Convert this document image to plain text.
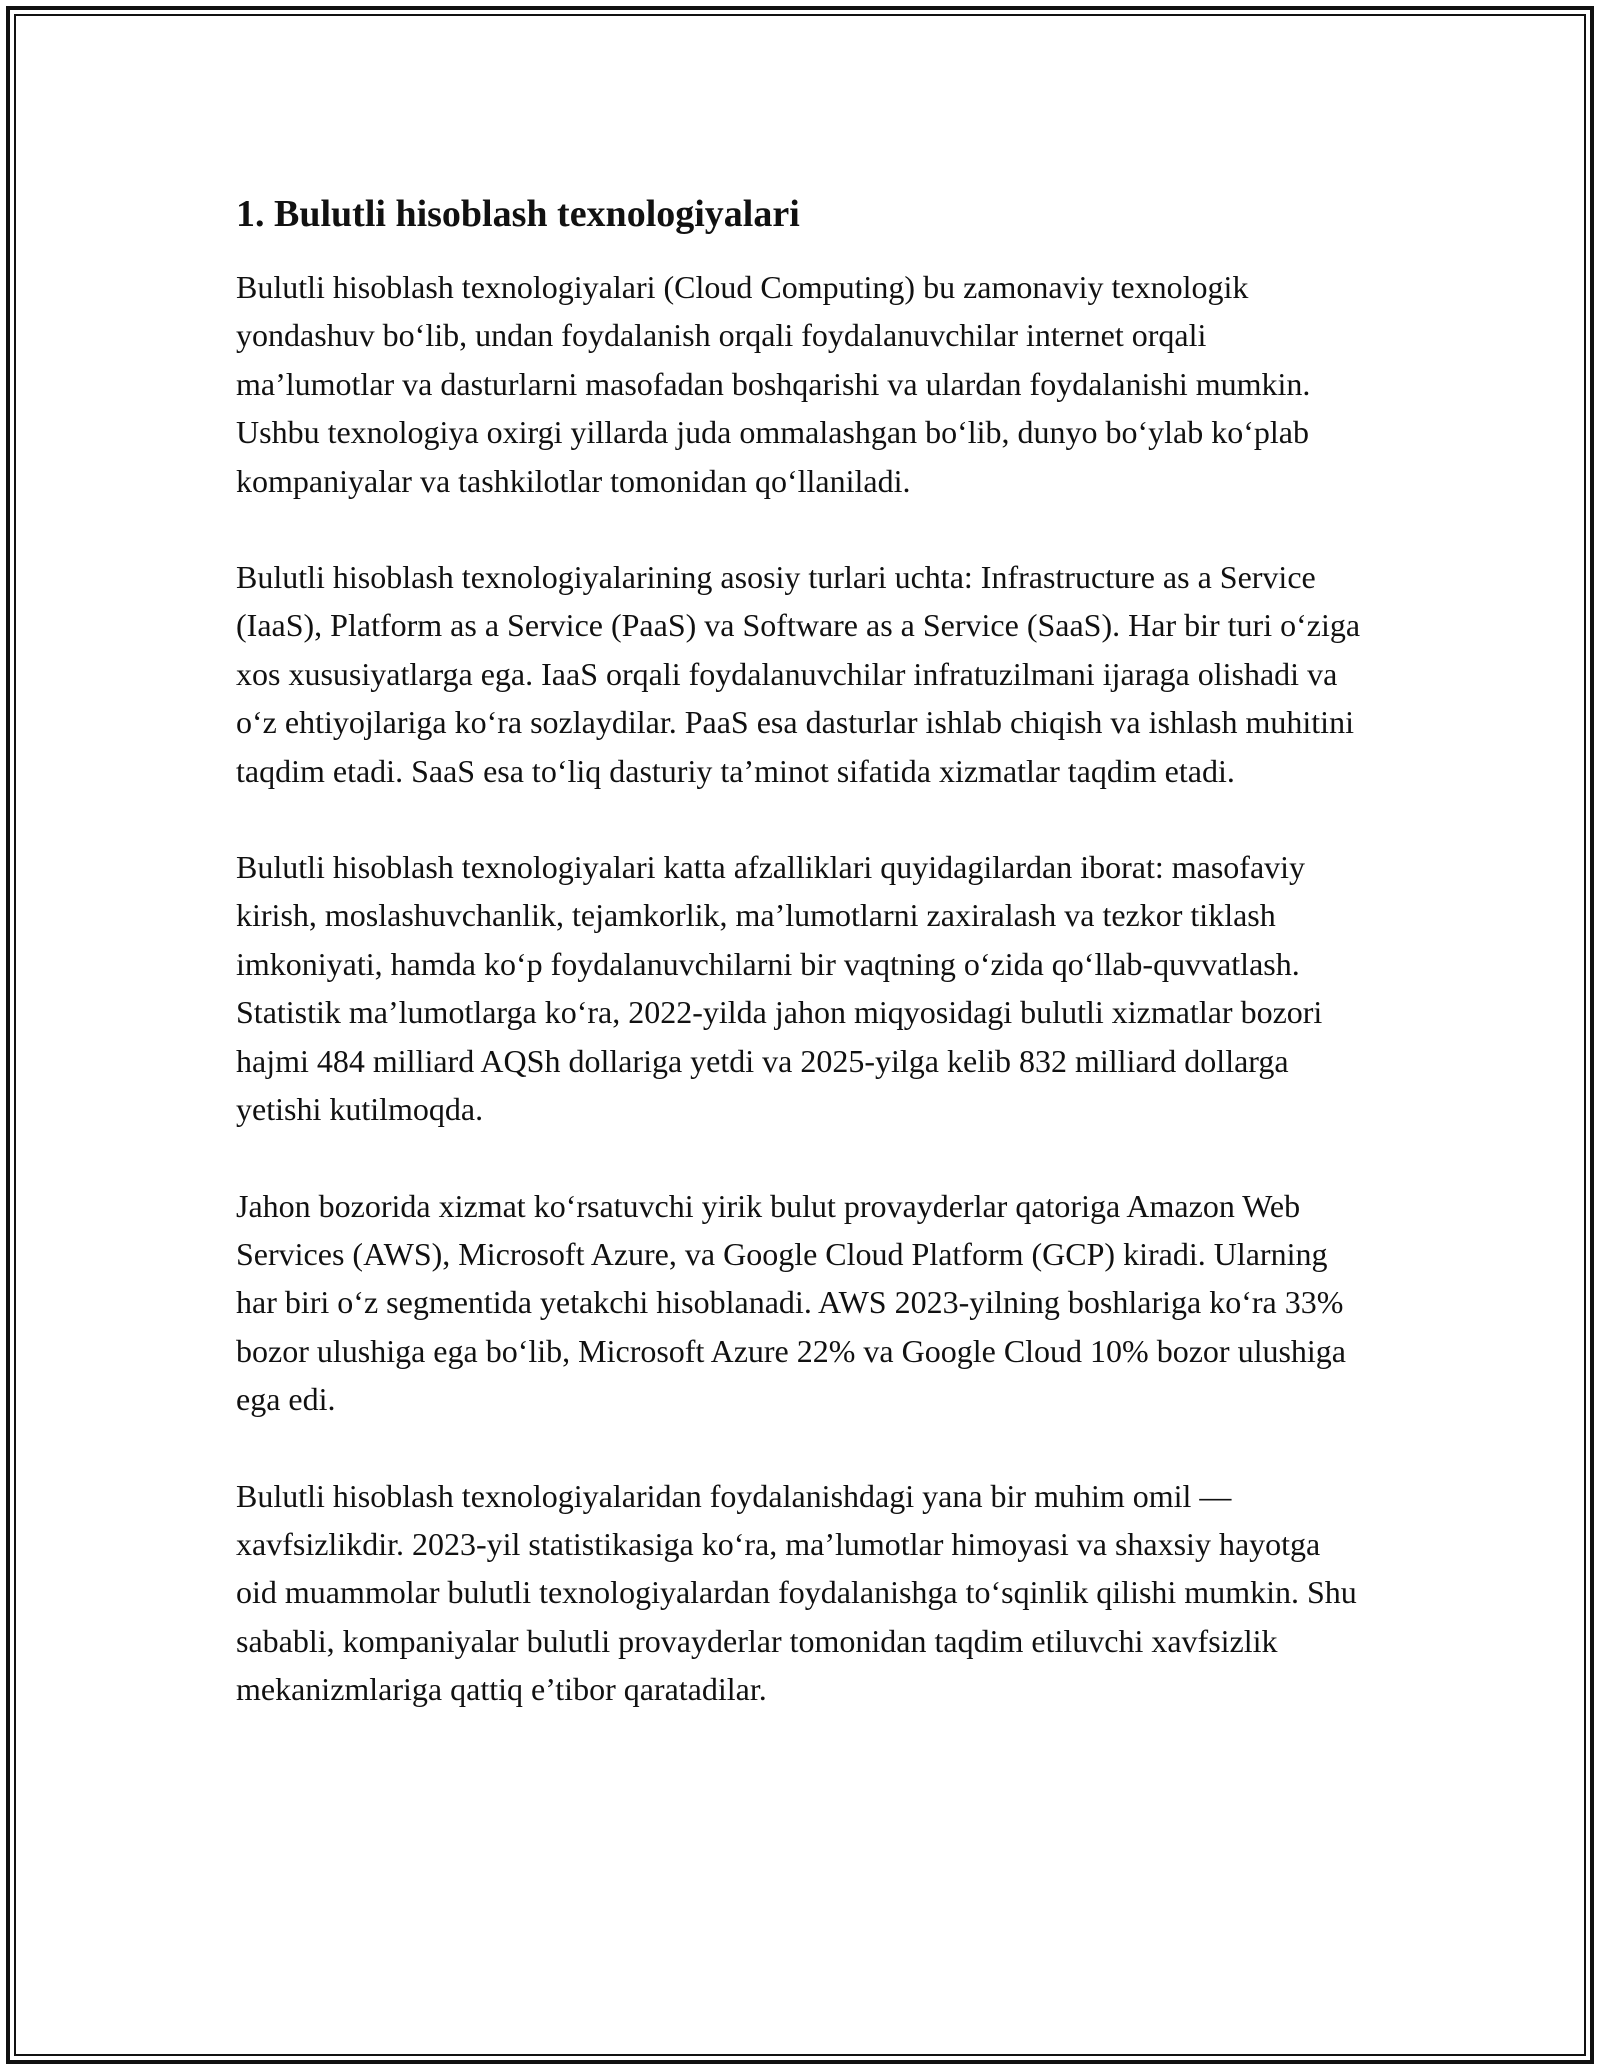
1. Bulutli hisoblash texnologiyalari

Bulutli hisoblash texnologiyalari (Cloud Computing) bu zamonaviy texnologik yondashuv bo‘lib, undan foydalanish orqali foydalanuvchilar internet orqali ma’lumotlar va dasturlarni masofadan boshqarishi va ulardan foydalanishi mumkin. Ushbu texnologiya oxirgi yillarda juda ommalashgan bo‘lib, dunyo bo‘ylab ko‘plab kompaniyalar va tashkilotlar tomonidan qo‘llaniladi.

Bulutli hisoblash texnologiyalarining asosiy turlari uchta: Infrastructure as a Service (IaaS), Platform as a Service (PaaS) va Software as a Service (SaaS). Har bir turi o‘ziga xos xususiyatlarga ega. IaaS orqali foydalanuvchilar infratuzilmani ijaraga olishadi va o‘z ehtiyojlariga ko‘ra sozlaydilar. PaaS esa dasturlar ishlab chiqish va ishlash muhitini taqdim etadi. SaaS esa to‘liq dasturiy ta’minot sifatida xizmatlar taqdim etadi.

Bulutli hisoblash texnologiyalari katta afzalliklari quyidagilardan iborat: masofaviy kirish, moslashuvchanlik, tejamkorlik, ma’lumotlarni zaxiralash va tezkor tiklash imkoniyati, hamda ko‘p foydalanuvchilarni bir vaqtning o‘zida qo‘llab-quvvatlash. Statistik ma’lumotlarga ko‘ra, 2022-yilda jahon miqyosidagi bulutli xizmatlar bozori hajmi 484 milliard AQSh dollariga yetdi va 2025-yilga kelib 832 milliard dollarga yetishi kutilmoqda.

Jahon bozorida xizmat ko‘rsatuvchi yirik bulut provayderlar qatoriga Amazon Web Services (AWS), Microsoft Azure, va Google Cloud Platform (GCP) kiradi. Ularning har biri o‘z segmentida yetakchi hisoblanadi. AWS 2023-yilning boshlariga ko‘ra 33% bozor ulushiga ega bo‘lib, Microsoft Azure 22% va Google Cloud 10% bozor ulushiga ega edi.

Bulutli hisoblash texnologiyalaridan foydalanishdagi yana bir muhim omil — xavfsizlikdir. 2023-yil statistikasiga ko‘ra, ma’lumotlar himoyasi va shaxsiy hayotga oid muammolar bulutli texnologiyalardan foydalanishga to‘sqinlik qilishi mumkin. Shu sababli, kompaniyalar bulutli provayderlar tomonidan taqdim etiluvchi xavfsizlik mekanizmlariga qattiq e’tibor qaratadilar.
